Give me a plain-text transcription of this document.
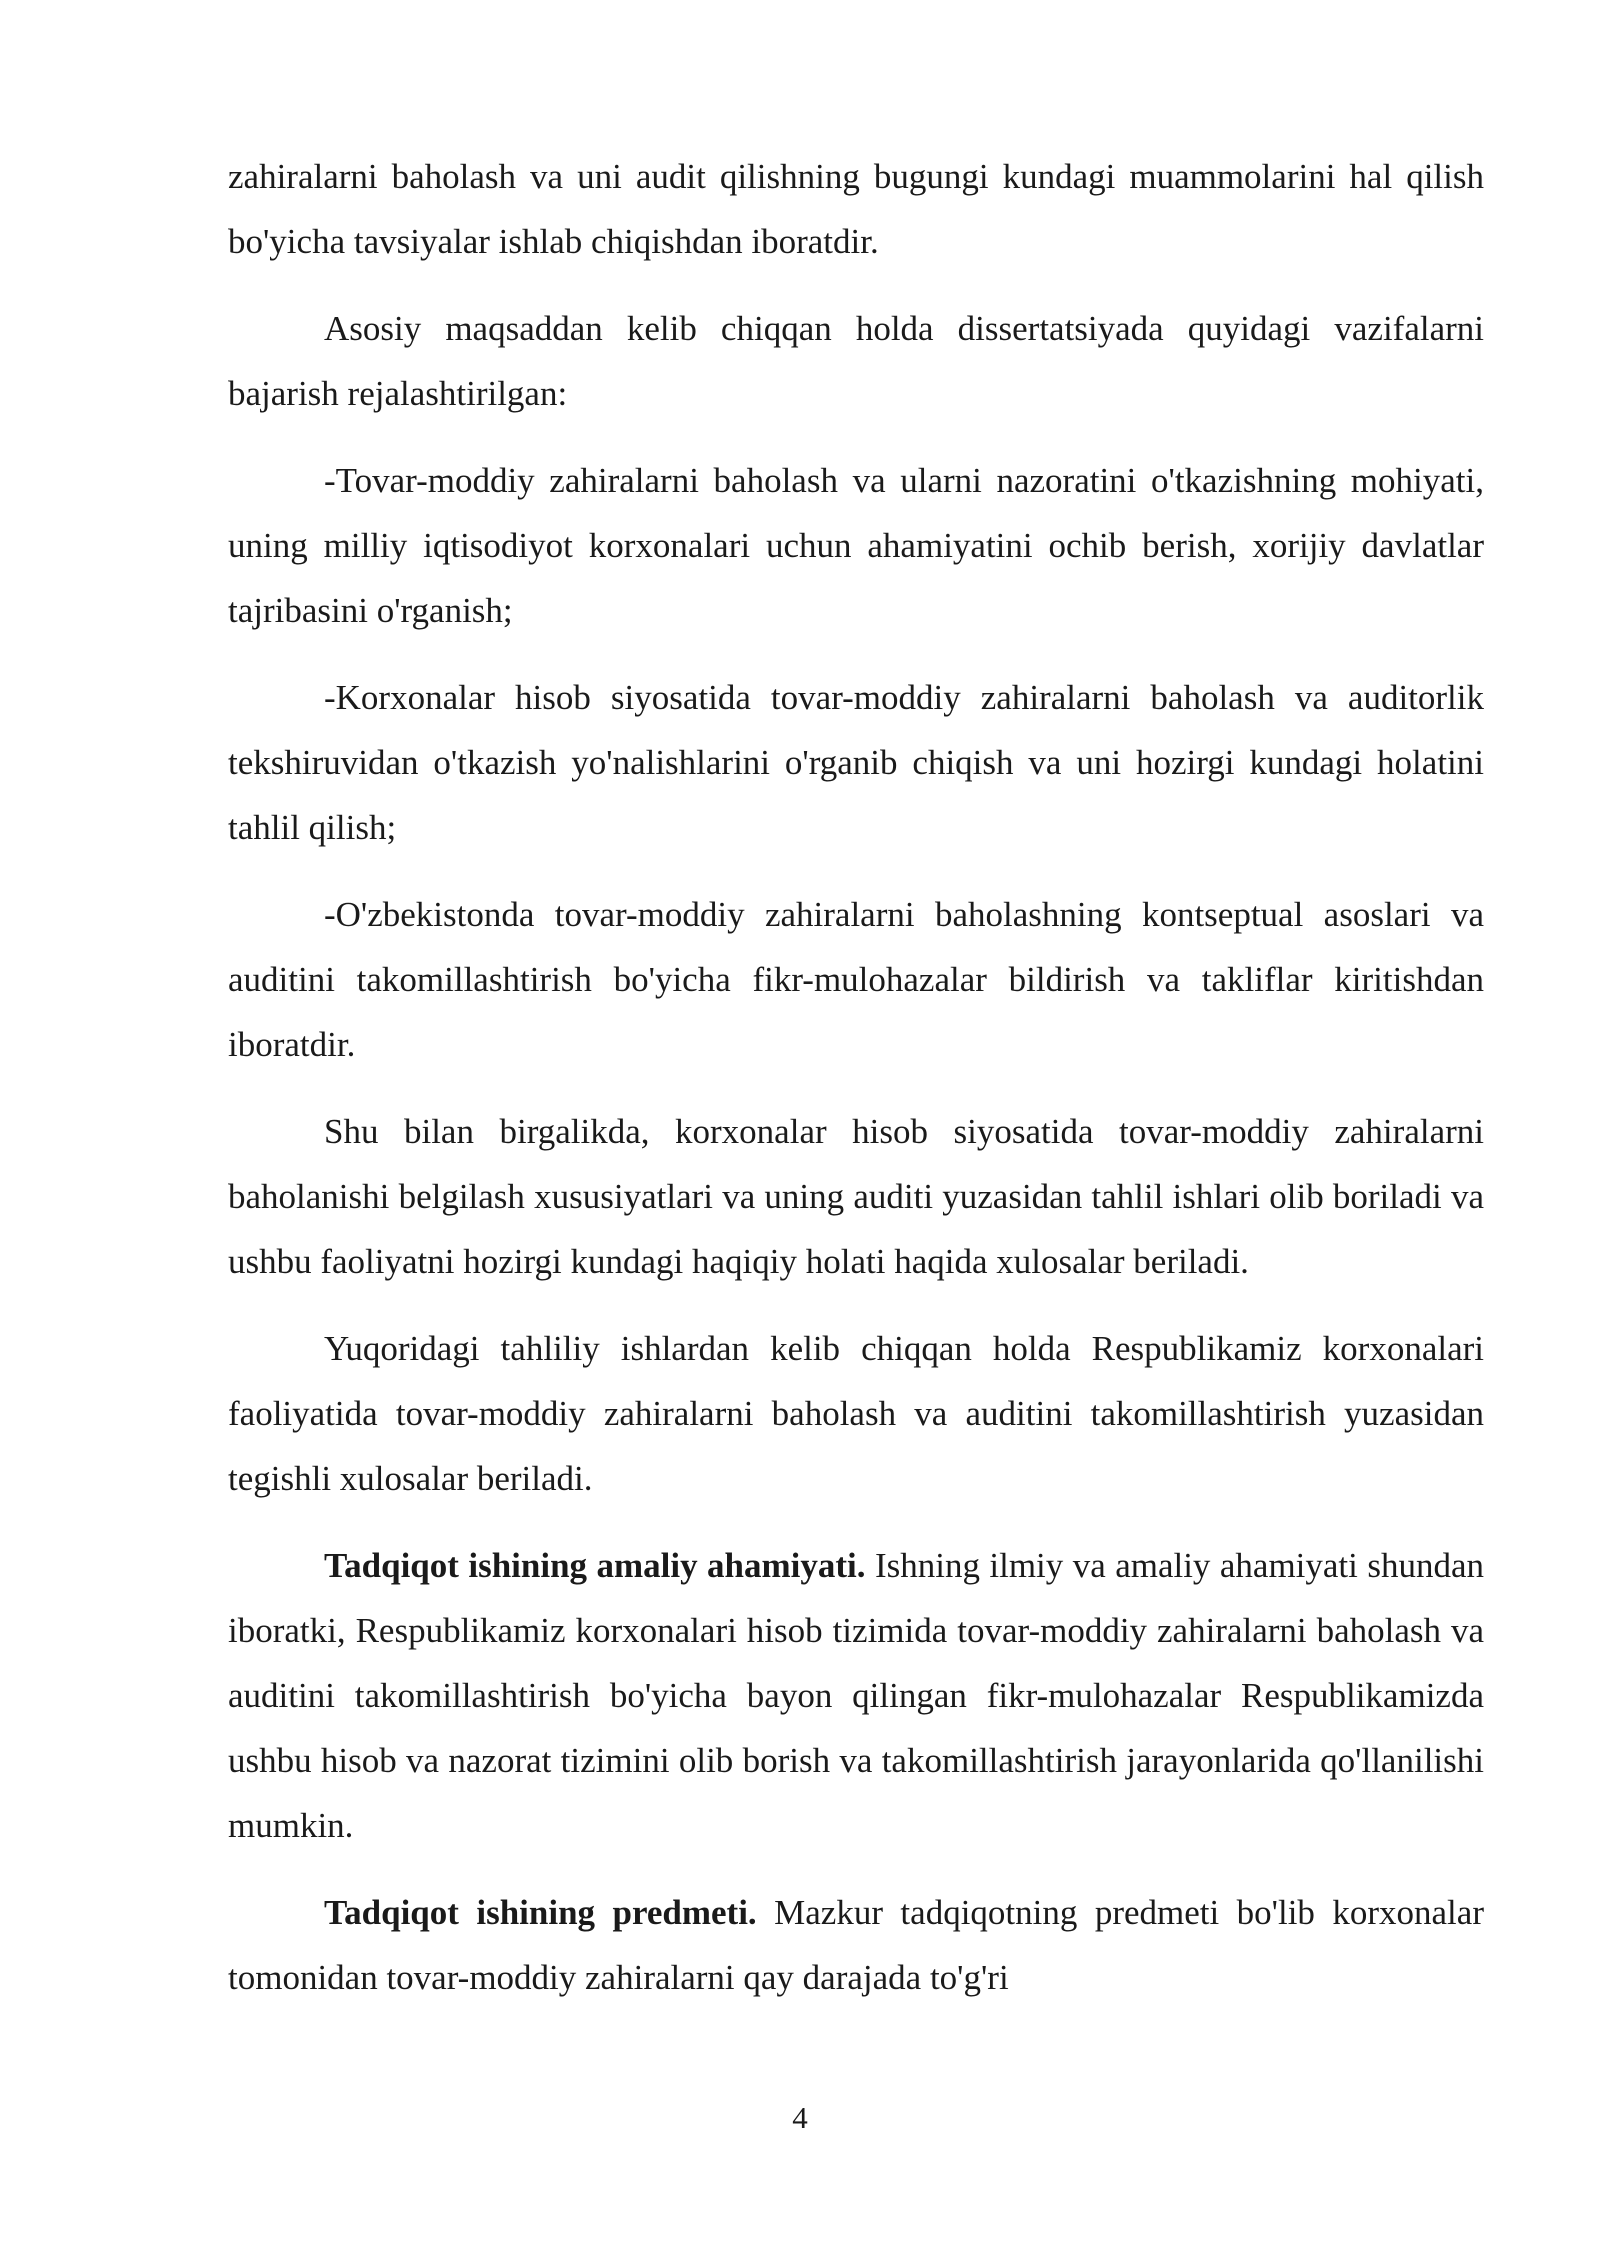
zahiralarni baholash va uni audit qilishning bugungi kundagi muammolarini hal qilish bo'yicha tavsiyalar ishlab chiqishdan iboratdir.

Asosiy maqsaddan kelib chiqqan holda dissertatsiyada quyidagi vazifalarni bajarish rejalashtirilgan:

-Tovar-moddiy zahiralarni baholash va ularni nazoratini o'tkazishning mohiyati, uning milliy iqtisodiyot korxonalari uchun ahamiyatini ochib berish, xorijiy davlatlar tajribasini o'rganish;

-Korxonalar hisob siyosatida tovar-moddiy zahiralarni baholash va auditorlik tekshiruvidan o'tkazish yo'nalishlarini o'rganib chiqish va uni hozirgi kundagi holatini tahlil qilish;

-O'zbekistonda tovar-moddiy zahiralarni baholashning kontseptual asoslari va auditini takomillashtirish bo'yicha fikr-mulohazalar bildirish va takliflar kiritishdan iboratdir.

Shu bilan birgalikda, korxonalar hisob siyosatida tovar-moddiy zahiralarni baholanishi belgilash xususiyatlari va uning auditi yuzasidan tahlil ishlari olib boriladi va ushbu faoliyatni hozirgi kundagi haqiqiy holati haqida xulosalar beriladi.

Yuqoridagi tahliliy ishlardan kelib chiqqan holda Respublikamiz korxonalari faoliyatida tovar-moddiy zahiralarni baholash va auditini takomillashtirish yuzasidan tegishli xulosalar beriladi.

Tadqiqot ishining amaliy ahamiyati. Ishning ilmiy va amaliy ahamiyati shundan iboratki, Respublikamiz korxonalari hisob tizimida tovar-moddiy zahiralarni baholash va auditini takomillashtirish bo'yicha bayon qilingan fikr-mulohazalar Respublikamizda ushbu hisob va nazorat tizimini olib borish va takomillashtirish jarayonlarida qo'llanilishi mumkin.

Tadqiqot ishining predmeti. Mazkur tadqiqotning predmeti bo'lib korxonalar tomonidan tovar-moddiy zahiralarni qay darajada to'g'ri

4
